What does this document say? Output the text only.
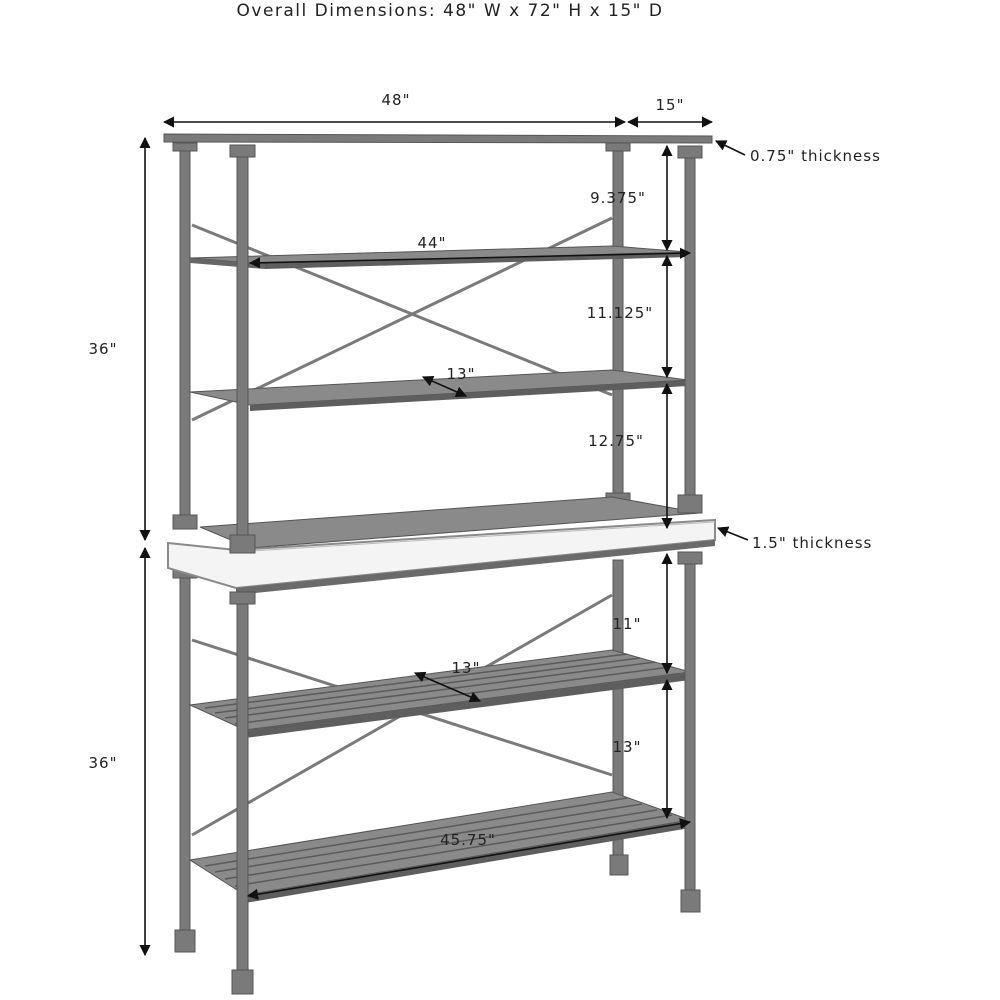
Overall Dimensions: 48" W x 72" H x 15" D
48"	15"
0.75" thickness
1.5" thickness
36"
36"
9.375"
11.125"
12.75"
11"
13"
44"
13"
13"
45.75"
